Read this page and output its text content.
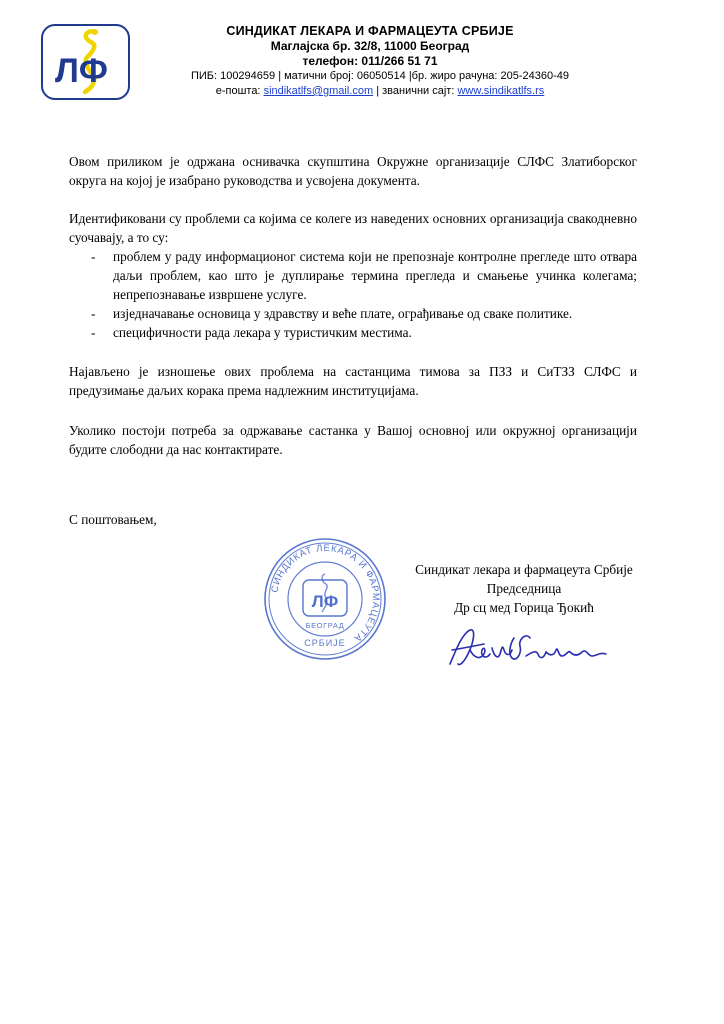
ЛФ
СИНДИКАТ ЛЕКАРА И ФАРМАЦЕУТА СРБИЈЕ
Маглајска бр. 32/8, 11000 Београд
телефон: 011/266 51 71
ПИБ: 100294659 | матични број: 06050514 |бр. жиро рачуна: 205-24360-49
е-пошта: sindikatlfs@gmail.com | званични сајт: www.sindikatlfs.rs

Овом приликом је одржана оснивачка скупштина Окружне организације СЛФС Златиборског округа на којој је изабрано руководства и усвојена документа.

Идентификовани су проблеми са којима се колеге из наведених основних организација свакодневно суочавају, а то су:

- проблем у раду информационог система који не препознаје контролне прегледе што отвара даљи проблем, као што је дуплирање термина прегледа и смањење учинка колегама; непрепознавање извршене услуге.
- изједначавање основица у здравству и веће плате, ограђивање од сваке политике.
- специфичности рада лекара у туристичким местима.

Најављено је изношење ових проблема на састанцима тимова за ПЗЗ и СиТЗЗ СЛФС и предузимање даљих корака према надлежним институцијама.

Уколико постоји потреба за одржавање састанка у Вашој основној или окружној организацији будите слободни да нас контактирате.

С поштовањем,
СИНДИКАТ ЛЕКАРА И ФАРМАЦЕУТА
СРБИЈЕ
ЛФ
БЕОГРАД
Синдикат лекара и фармацеута Србије
Председница
Др сц мед Горица Ђокић
